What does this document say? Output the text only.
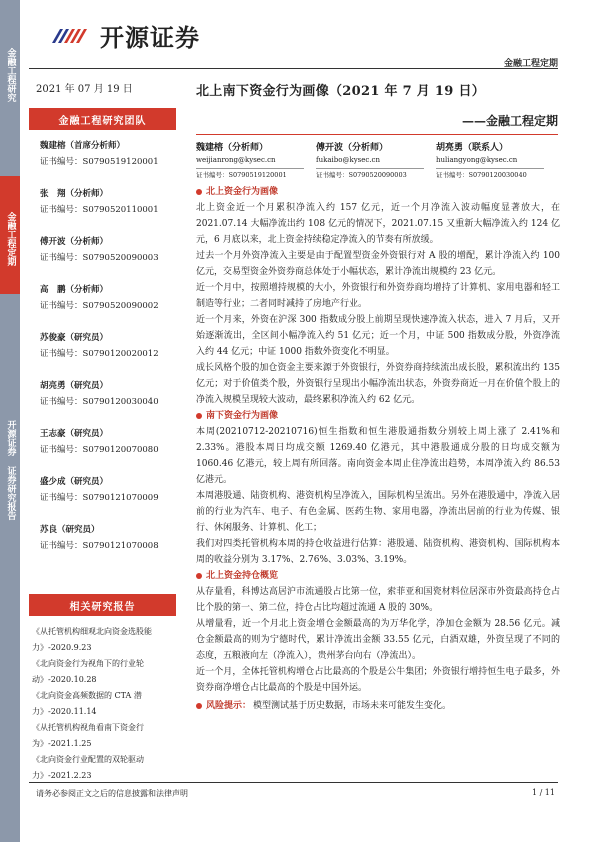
金融工程研究
金融工程定期
开源证券 证券研究报告
开源证券
金融工程定期
2021 年 07 月 19 日
金融工程研究团队
魏建榕（首席分析师）
证书编号：S0790519120001
张　翔（分析师）
证书编号：S0790520110001
傅开波（分析师）
证书编号：S0790520090003
高　鹏（分析师）
证书编号：S0790520090002
苏俊豪（研究员）
证书编号：S0790120020012
胡亮勇（研究员）
证书编号：S0790120030040
王志豪（研究员）
证书编号：S0790120070080
盛少成（研究员）
证书编号：S0790121070009
苏良（研究员）
证书编号：S0790121070008
相关研究报告
《从托管机构细观北向资金选股能力》-2020.9.23
《北向资金行为视角下的行业轮动》-2020.10.28
《北向资金高频数据的 CTA 潜力》-2020.11.14
《从托管机构视角看南下资金行为》-2021.1.25
《北向资金行业配置的双轮驱动力》-2021.2.23
北上南下资金行为画像（2021 年 7 月 19 日）
——金融工程定期
魏建榕（分析师）
weijianrong@kysec.cn
证书编号：S0790519120001
傅开波（分析师）
fukaibo@kysec.cn
证书编号：S0790520090003
胡亮勇（联系人）
huliangyong@kysec.cn
证书编号：S0790120030040
北上资金行为画像

北上资金近一个月累积净流入约 157 亿元，近一个月净流入波动幅度显著放大，在 2021.07.14 大幅净流出约 108 亿元的情况下，2021.07.15 又重新大幅净流入约 124 亿元，6 月底以来，北上资金持续稳定净流入的节奏有所放缓。

过去一个月外资净流入主要是由于配置型资金外资银行对 A 股的增配，累计净流入约 100 亿元，交易型资金外资券商总体处于小幅状态，累计净流出规模约 23 亿元。

近一个月中，按照增持规模的大小，外资银行和外资券商均增持了计算机、家用电器和轻工制造等行业；二者同时减持了房地产行业。

近一个月来，外资在沪深 300 指数成分股上前期呈现快速净流入状态，进入 7 月后，又开始逐渐流出，全区间小幅净流入约 51 亿元；近一个月，中证 500 指数成分股，外资净流入约 44 亿元；中证 1000 指数外资变化不明显。

成长风格个股的加仓资金主要来源于外资银行，外资券商持续流出成长股，累积流出约 135 亿元；对于价值类个股，外资银行呈现出小幅净流出状态，外资券商近一月在价值个股上的净流入规模呈现较大波动，最终累积净流入约 62 亿元。

南下资金行为画像

本周(20210712-20210716)恒生指数和恒生港股通指数分别较上周上涨了 2.41%和 2.33%。港股本周日均成交额 1269.40 亿港元，其中港股通成分股的日均成交额为 1060.46 亿港元，较上周有所回落。南向资金本周止住净流出趋势，本周净流入约 86.53 亿港元。

本周港股通、陆资机构、港资机构呈净流入，国际机构呈流出。另外在港股通中，净流入居前的行业为汽车、电子、有色金属、医药生物、家用电器，净流出居前的行业为传媒、银行、休闲服务、计算机、化工；

我们对四类托管机构本周的持仓收益进行估算：港股通、陆资机构、港资机构、国际机构本周的收益分别为 3.17%、2.76%、3.03%、3.19%。

北上资金持仓概览

从存量看，科博达高居沪市流通股占比第一位，索菲亚和国瓷材料位居深市外资最高持仓占比个股的第一、第二位，持仓占比均超过流通 A 股的 30%。

从增量看，近一个月北上资金增仓金额最高的为万华化学，净加仓金额为 28.56 亿元。减仓金额最高的则为宁德时代，累计净流出金额 33.55 亿元，白酒双雄，外资呈现了不同的态度，五粮液向左（净流入），贵州茅台向右（净流出）。

近一个月，全体托管机构增仓占比最高的个股是公牛集团；外资银行增持恒生电子最多，外资券商净增仓占比最高的个股是中国外运。

风险提示： 模型测试基于历史数据，市场未来可能发生变化。
请务必参阅正文之后的信息披露和法律声明	1 / 11
